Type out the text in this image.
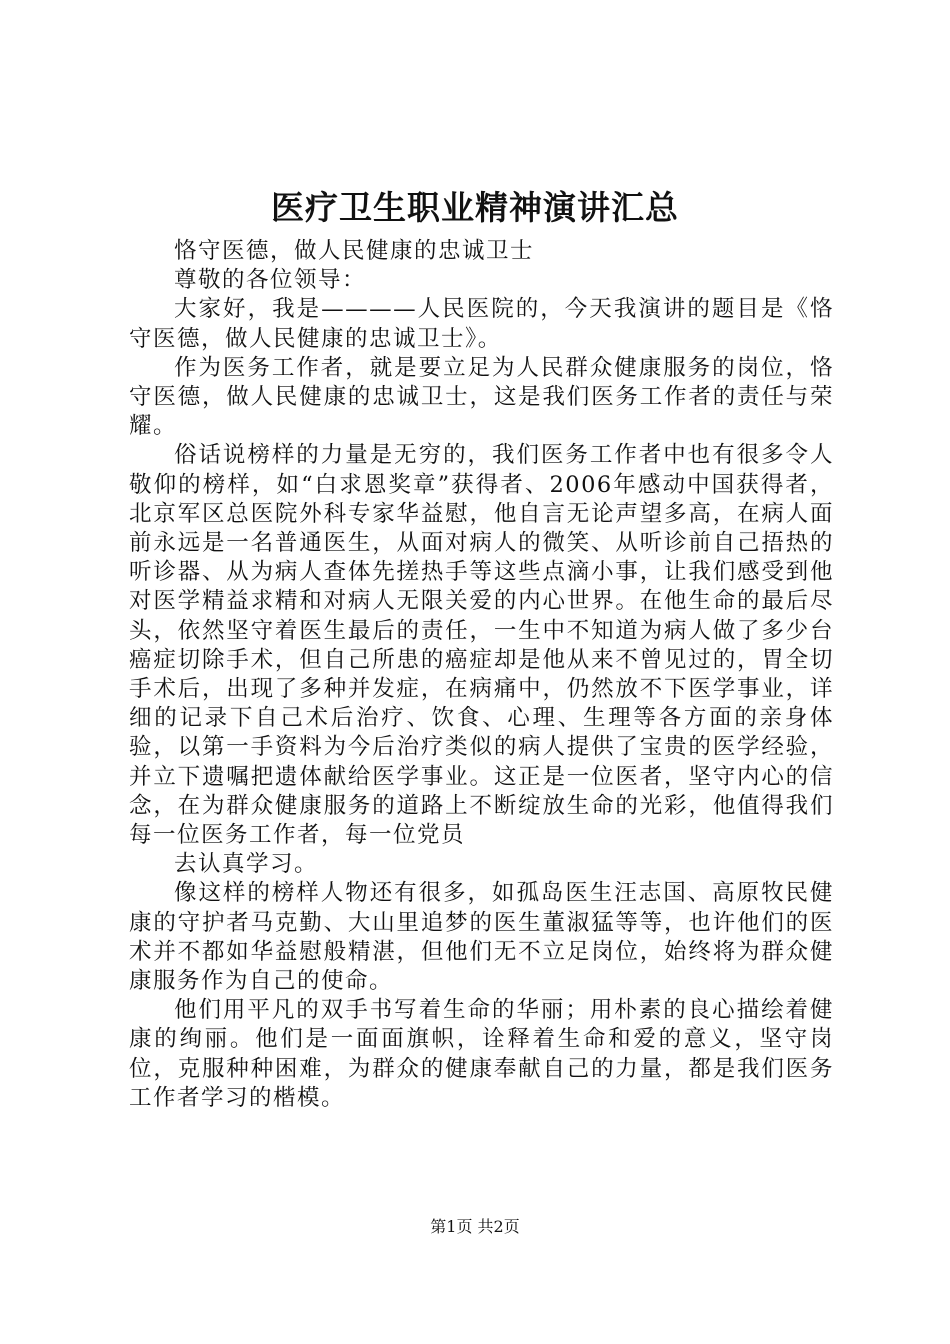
医疗卫生职业精神演讲汇总

恪守医德，做人民健康的忠诚卫士

尊敬的各位领导：

大家好，我是————人民医院的，今天我演讲的题目是《恪守医德，做人民健康的忠诚卫士》。

作为医务工作者，就是要立足为人民群众健康服务的岗位，恪守医德，做人民健康的忠诚卫士，这是我们医务工作者的责任与荣耀。

俗话说榜样的力量是无穷的，我们医务工作者中也有很多令人敬仰的榜样，如“白求恩奖章”获得者、2006年感动中国获得者，北京军区总医院外科专家华益慰，他自言无论声望多高，在病人面前永远是一名普通医生，从面对病人的微笑、从听诊前自己捂热的听诊器、从为病人查体先搓热手等这些点滴小事，让我们感受到他对医学精益求精和对病人无限关爱的内心世界。在他生命的最后尽头，依然坚守着医生最后的责任，一生中不知道为病人做了多少台癌症切除手术，但自己所患的癌症却是他从来不曾见过的，胃全切手术后，出现了多种并发症，在病痛中，仍然放不下医学事业，详细的记录下自己术后治疗、饮食、心理、生理等各方面的亲身体验，以第一手资料为今后治疗类似的病人提供了宝贵的医学经验，并立下遗嘱把遗体献给医学事业。这正是一位医者，坚守内心的信念，在为群众健康服务的道路上不断绽放生命的光彩，他值得我们每一位医务工作者，每一位党员

去认真学习。

像这样的榜样人物还有很多，如孤岛医生汪志国、高原牧民健康的守护者马克勤、大山里追梦的医生董淑猛等等，也许他们的医术并不都如华益慰般精湛，但他们无不立足岗位，始终将为群众健康服务作为自己的使命。

他们用平凡的双手书写着生命的华丽；用朴素的良心描绘着健康的绚丽。他们是一面面旗帜，诠释着生命和爱的意义，坚守岗位，克服种种困难，为群众的健康奉献自己的力量，都是我们医务工作者学习的楷模。

第1页 共2页
